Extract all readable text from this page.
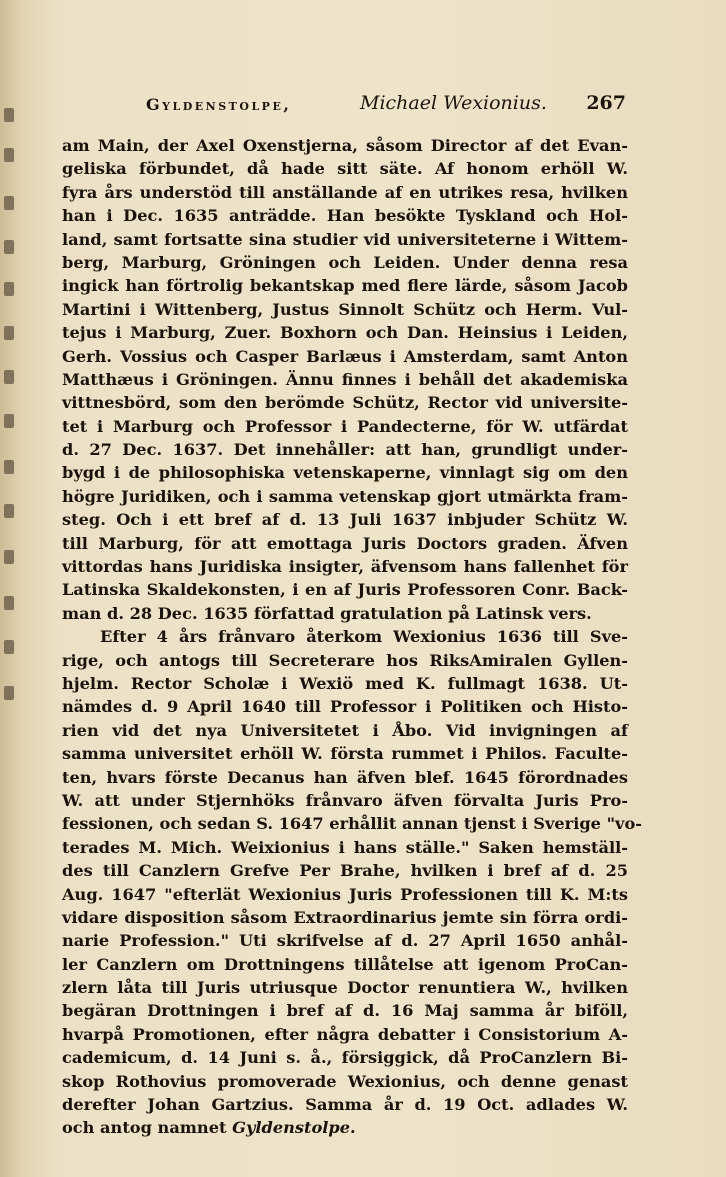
Gyldenstolpe,	Michael Wexionius. 267
am Main, der Axel Oxenstjerna, såsom Director af det Evan-
geliska förbundet, då hade sitt säte. Af honom erhöll W.
fyra års understöd till anställande af en utrikes resa, hvilken
han i Dec. 1635 anträdde. Han besökte Tyskland och Hol-
land, samt fortsatte sina studier vid universiteterne i Wittem-
berg, Marburg, Gröningen och Leiden. Under denna resa
ingick han förtrolig bekantskap med flere lärde, såsom Jacob
Martini i Wittenberg, Justus Sinnolt Schütz och Herm. Vul-
tejus i Marburg, Zuer. Boxhorn och Dan. Heinsius i Leiden,
Gerh. Vossius och Casper Barlæus i Amsterdam, samt Anton
Matthæus i Gröningen. Ännu finnes i behåll det akademiska
vittnesbörd, som den berömde Schütz, Rector vid universite-
tet i Marburg och Professor i Pandecterne, för W. utfärdat
d. 27 Dec. 1637. Det innehåller: att han, grundligt under-
bygd i de philosophiska vetenskaperne, vinnlagt sig om den
högre Juridiken, och i samma vetenskap gjort utmärkta fram-
steg. Och i ett bref af d. 13 Juli 1637 inbjuder Schütz W.
till Marburg, för att emottaga Juris Doctors graden. Äfven
vittordas hans Juridiska insigter, äfvensom hans fallenhet för
Latinska Skaldekonsten, i en af Juris Professoren Conr. Back-
man d. 28 Dec. 1635 författad gratulation på Latinsk vers.
Efter 4 års frånvaro återkom Wexionius 1636 till Sve-
rige, och antogs till Secreterare hos RiksAmiralen Gyllen-
hjelm. Rector Scholæ i Wexiö med K. fullmagt 1638. Ut-
nämdes d. 9 April 1640 till Professor i Politiken och Histo-
rien vid det nya Universitetet i Åbo. Vid invigningen af
samma universitet erhöll W. första rummet i Philos. Faculte-
ten, hvars förste Decanus han äfven blef. 1645 förordnades
W. att under Stjernhöks frånvaro äfven förvalta Juris Pro-
fessionen, och sedan S. 1647 erhållit annan tjenst i Sverige "vo-
terades M. Mich. Weixionius i hans ställe." Saken hemställ-
des till Canzlern Grefve Per Brahe, hvilken i bref af d. 25
Aug. 1647 "efterlät Wexionius Juris Professionen till K. M:ts
vidare disposition såsom Extraordinarius jemte sin förra ordi-
narie Profession." Uti skrifvelse af d. 27 April 1650 anhål-
ler Canzlern om Drottningens tillåtelse att igenom ProCan-
zlern låta till Juris utriusque Doctor renuntiera W., hvilken
begäran Drottningen i bref af d. 16 Maj samma år biföll,
hvarpå Promotionen, efter några debatter i Consistorium A-
cademicum, d. 14 Juni s. å., försiggick, då ProCanzlern Bi-
skop Rothovius promoverade Wexionius, och denne genast
derefter Johan Gartzius. Samma år d. 19 Oct. adlades W.
och antog namnet Gyldenstolpe.
